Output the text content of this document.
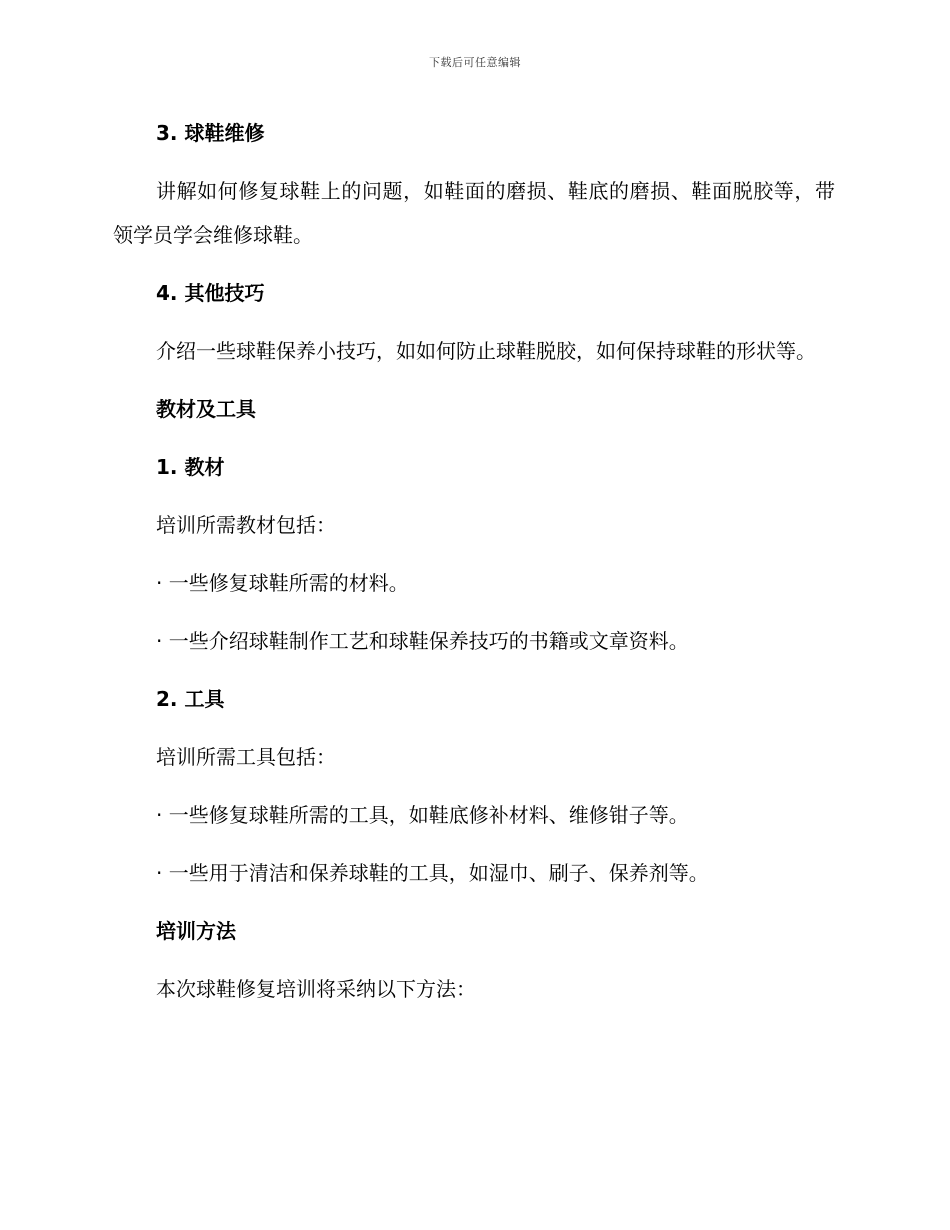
下载后可任意编辑

3. 球鞋维修

讲解如何修复球鞋上的问题，如鞋面的磨损、鞋底的磨损、鞋面脱胶等，带领学员学会维修球鞋。

4. 其他技巧

介绍一些球鞋保养小技巧，如如何防止球鞋脱胶，如何保持球鞋的形状等。

教材及工具

1. 教材

培训所需教材包括：

· 一些修复球鞋所需的材料。

· 一些介绍球鞋制作工艺和球鞋保养技巧的书籍或文章资料。

2. 工具

培训所需工具包括：

· 一些修复球鞋所需的工具，如鞋底修补材料、维修钳子等。

· 一些用于清洁和保养球鞋的工具，如湿巾、刷子、保养剂等。

培训方法

本次球鞋修复培训将采纳以下方法：
